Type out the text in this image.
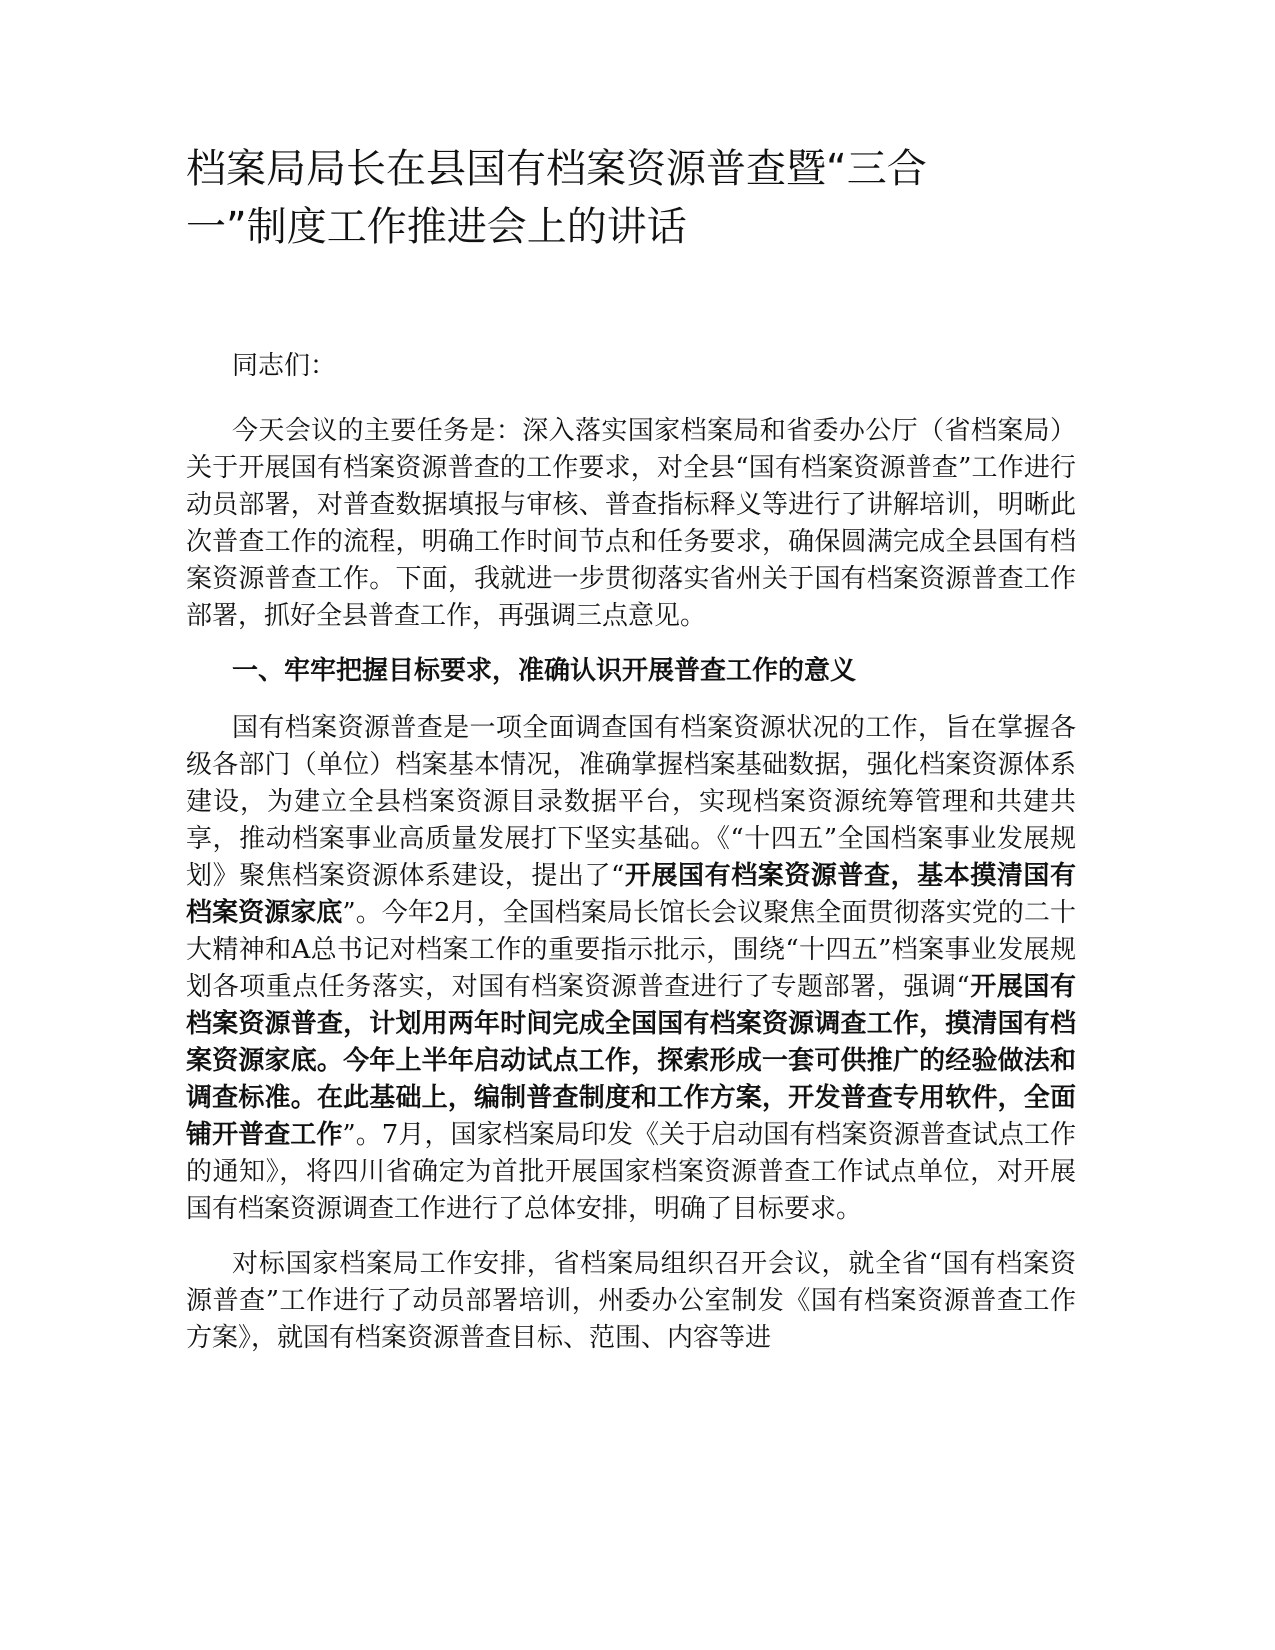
档案局局长在县国有档案资源普查暨“三合一”制度工作推进会上的讲话

同志们：

今天会议的主要任务是：深入落实国家档案局和省委办公厅（省档案局）关于开展国有档案资源普查的工作要求，对全县“国有档案资源普查”工作进行动员部署，对普查数据填报与审核、普查指标释义等进行了讲解培训，明晰此次普查工作的流程，明确工作时间节点和任务要求，确保圆满完成全县国有档案资源普查工作。下面，我就进一步贯彻落实省州关于国有档案资源普查工作部署，抓好全县普查工作，再强调三点意见。

一、牢牢把握目标要求，准确认识开展普查工作的意义

国有档案资源普查是一项全面调查国有档案资源状况的工作，旨在掌握各级各部门（单位）档案基本情况，准确掌握档案基础数据，强化档案资源体系建设，为建立全县档案资源目录数据平台，实现档案资源统筹管理和共建共享，推动档案事业高质量发展打下坚实基础。《“十四五”全国档案事业发展规划》聚焦档案资源体系建设，提出了“开展国有档案资源普查，基本摸清国有档案资源家底”。今年2月，全国档案局长馆长会议聚焦全面贯彻落实党的二十大精神和A总书记对档案工作的重要指示批示，围绕“十四五”档案事业发展规划各项重点任务落实，对国有档案资源普查进行了专题部署，强调“开展国有档案资源普查，计划用两年时间完成全国国有档案资源调查工作，摸清国有档案资源家底。今年上半年启动试点工作，探索形成一套可供推广的经验做法和调查标准。在此基础上，编制普查制度和工作方案，开发普查专用软件，全面铺开普查工作”。7月，国家档案局印发《关于启动国有档案资源普查试点工作的通知》，将四川省确定为首批开展国家档案资源普查工作试点单位，对开展国有档案资源调查工作进行了总体安排，明确了目标要求。

对标国家档案局工作安排，省档案局组织召开会议，就全省“国有档案资源普查”工作进行了动员部署培训，州委办公室制发《国有档案资源普查工作方案》，就国有档案资源普查目标、范围、内容等进
